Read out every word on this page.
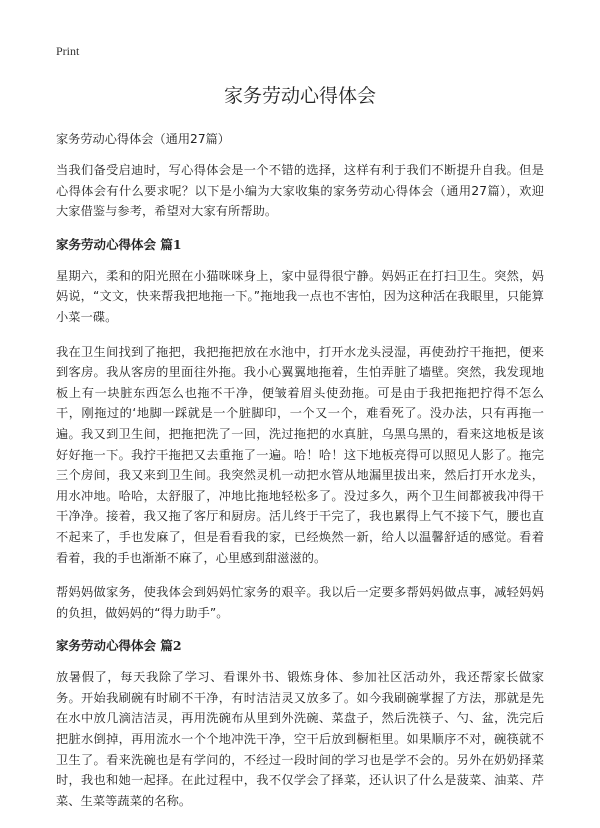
Print
家务劳动心得体会
家务劳动心得体会（通用27篇）

当我们备受启迪时，写心得体会是一个不错的选择，这样有利于我们不断提升自我。但是心得体会有什么要求呢？以下是小编为大家收集的家务劳动心得体会（通用27篇），欢迎大家借鉴与参考，希望对大家有所帮助。

家务劳动心得体会 篇1

星期六，柔和的阳光照在小猫咪咪身上，家中显得很宁静。妈妈正在打扫卫生。突然，妈妈说，“文文，快来帮我把地拖一下。”拖地我一点也不害怕，因为这种活在我眼里，只能算小菜一碟。

我在卫生间找到了拖把，我把拖把放在水池中，打开水龙头浸湿，再使劲拧干拖把，便来到客房。我从客房的里面往外拖。我小心翼翼地拖着，生怕弄脏了墙壁。突然，我发现地板上有一块脏东西怎么也拖不干净，便皱着眉头使劲拖。可是由于我把拖把拧得不怎么干，刚拖过的‘地脚一踩就是一个脏脚印，一个又一个，难看死了。没办法，只有再拖一遍。我又到卫生间，把拖把洗了一回，洗过拖把的水真脏，乌黑乌黑的，看来这地板是该好好拖一下。我拧干拖把又去重拖了一遍。哈！哈！这下地板亮得可以照见人影了。拖完三个房间，我又来到卫生间。我突然灵机一动把水管从地漏里拔出来，然后打开水龙头，用水冲地。哈哈，太舒服了，冲地比拖地轻松多了。没过多久，两个卫生间都被我冲得干干净净。接着，我又拖了客厅和厨房。活儿终于干完了，我也累得上气不接下气，腰也直不起来了，手也发麻了，但是看看我的家，已经焕然一新，给人以温馨舒适的感觉。看着看着，我的手也渐渐不麻了，心里感到甜滋滋的。

帮妈妈做家务，使我体会到妈妈忙家务的艰辛。我以后一定要多帮妈妈做点事，减轻妈妈的负担，做妈妈的“得力助手”。

家务劳动心得体会 篇2

放暑假了，每天我除了学习、看课外书、锻炼身体、参加社区活动外，我还帮家长做家务。开始我刷碗有时刷不干净，有时洁洁灵又放多了。如今我刷碗掌握了方法，那就是先在水中放几滴洁洁灵，再用洗碗布从里到外洗碗、菜盘子，然后洗筷子、勺、盆，洗完后把脏水倒掉，再用流水一个个地冲洗干净，空干后放到橱柜里。如果顺序不对，碗筷就不卫生了。看来洗碗也是有学问的，不经过一段时间的学习也是学不会的。另外在奶奶择菜时，我也和她一起择。在此过程中，我不仅学会了择菜，还认识了什么是菠菜、油菜、芹菜、生菜等蔬菜的名称。
